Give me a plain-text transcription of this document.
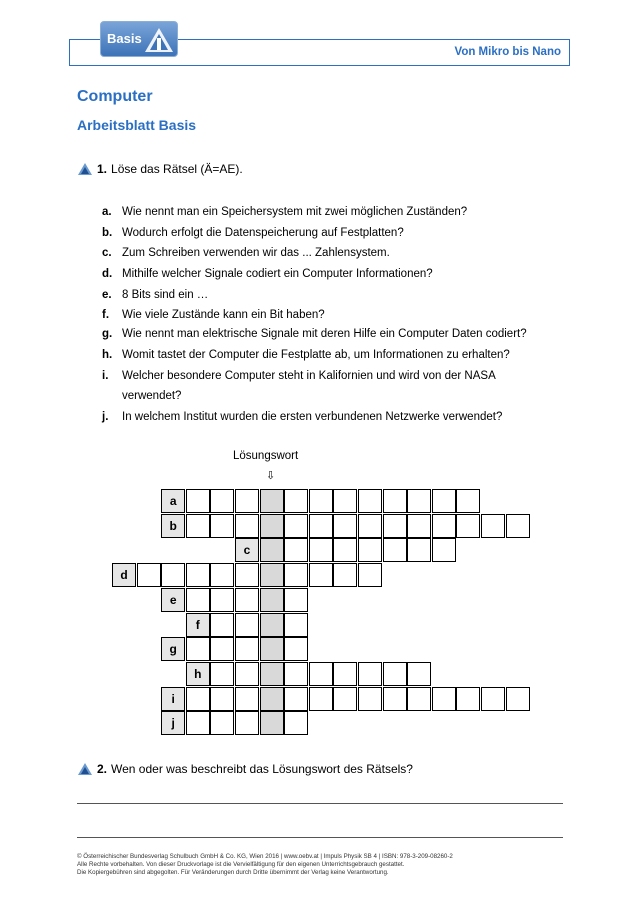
Von Mikro bis Nano
Basis
Computer
Arbeitsblatt Basis
1. Löse das Rätsel (Ä=AE).
a. Wie nennt man ein Speichersystem mit zwei möglichen Zuständen?
b. Wodurch erfolgt die Datenspeicherung auf Festplatten?
c. Zum Schreiben verwenden wir das ... Zahlensystem.
d. Mithilfe welcher Signale codiert ein Computer Informationen?
e. 8 Bits sind ein …
f. Wie viele Zustände kann ein Bit haben?
g. Wie nennt man elektrische Signale mit deren Hilfe ein Computer Daten codiert?
h. Womit tastet der Computer die Festplatte ab, um Informationen zu erhalten?
i. Welcher besondere Computer steht in Kalifornien und wird von der NASA
verwendet?
j. In welchem Institut wurden die ersten verbundenen Netzwerke verwendet?
Lösungswort
⇩
a
b
c
d
e
f
g
h
i
j
2. Wen oder was beschreibt das Lösungswort des Rätsels?
© Österreichischer Bundesverlag Schulbuch GmbH & Co. KG, Wien 2016 | www.oebv.at | Impuls Physik SB 4 | ISBN: 978-3-209-08260-2
Alle Rechte vorbehalten. Von dieser Druckvorlage ist die Vervielfältigung für den eigenen Unterrichtsgebrauch gestattet.
Die Kopiergebühren sind abgegolten. Für Veränderungen durch Dritte übernimmt der Verlag keine Verantwortung.
